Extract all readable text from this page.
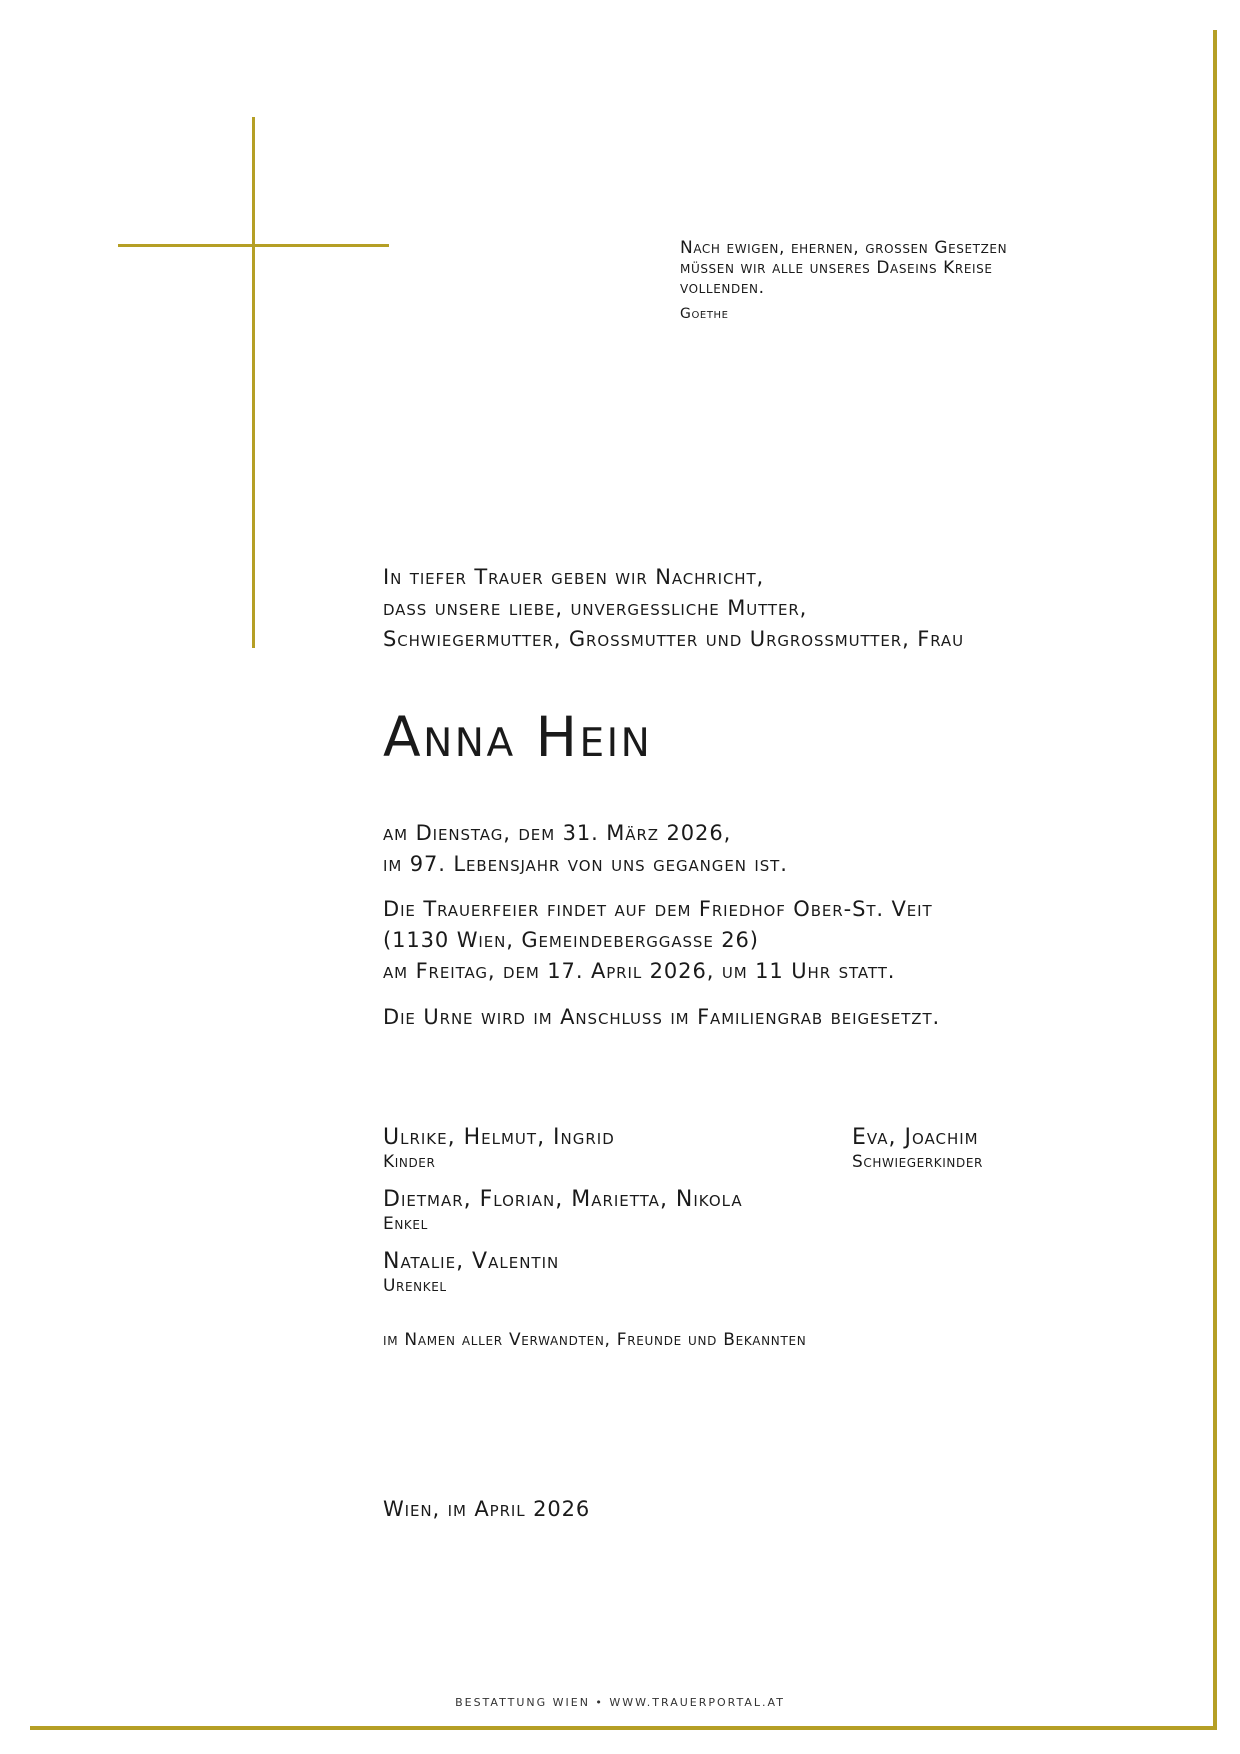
Nach ewigen, ehernen, grossen Gesetzen
müssen wir alle unseres Daseins Kreise
vollenden.
Goethe
In tiefer Trauer geben wir Nachricht,
dass unsere liebe, unvergessliche Mutter,
Schwiegermutter, Grossmutter und Urgrossmutter, Frau
Anna Hein
am Dienstag, dem 31. März 2026,
im 97. Lebensjahr von uns gegangen ist.
Die Trauerfeier findet auf dem Friedhof Ober-St. Veit
(1130 Wien, Gemeindeberggasse 26)
am Freitag, dem 17. April 2026, um 11 Uhr statt.
Die Urne wird im Anschluss im Familiengrab beigesetzt.
Ulrike, Helmut, Ingrid
Kinder
Eva, Joachim
Schwiegerkinder
Dietmar, Florian, Marietta, Nikola
Enkel
Natalie, Valentin
Urenkel
im Namen aller Verwandten, Freunde und Bekannten
Wien, im April 2026
BESTATTUNG WIEN • WWW.TRAUERPORTAL.AT
